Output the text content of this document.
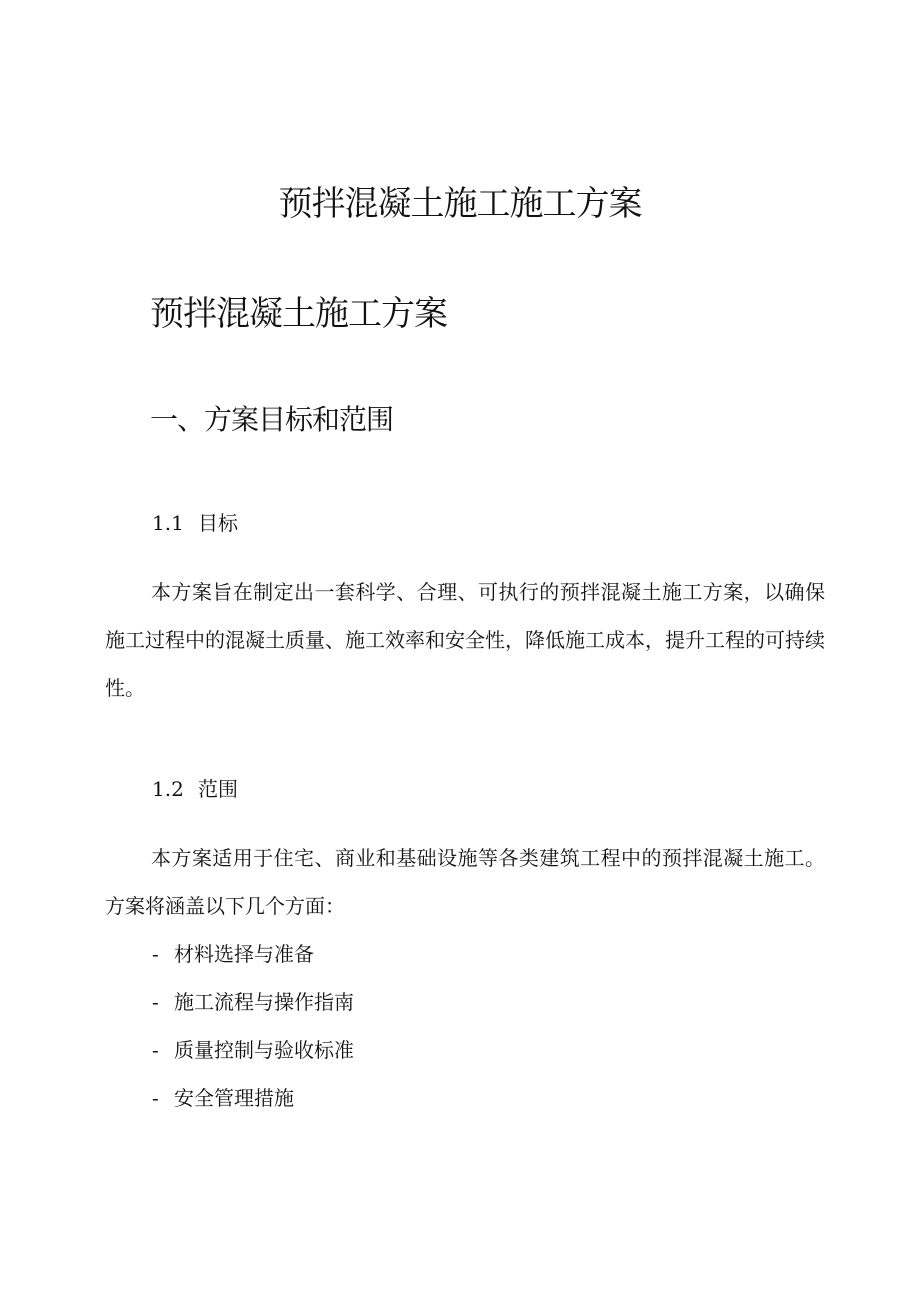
预拌混凝土施工施工方案
预拌混凝土施工方案
一、方案目标和范围
1.1 目标

本方案旨在制定出一套科学、合理、可执行的预拌混凝土施工方案，以确保施工过程中的混凝土质量、施工效率和安全性，降低施工成本，提升工程的可持续性。

1.2 范围

本方案适用于住宅、商业和基础设施等各类建筑工程中的预拌混凝土施工。方案将涵盖以下几个方面：

- 材料选择与准备
- 施工流程与操作指南
- 质量控制与验收标准
- 安全管理措施
